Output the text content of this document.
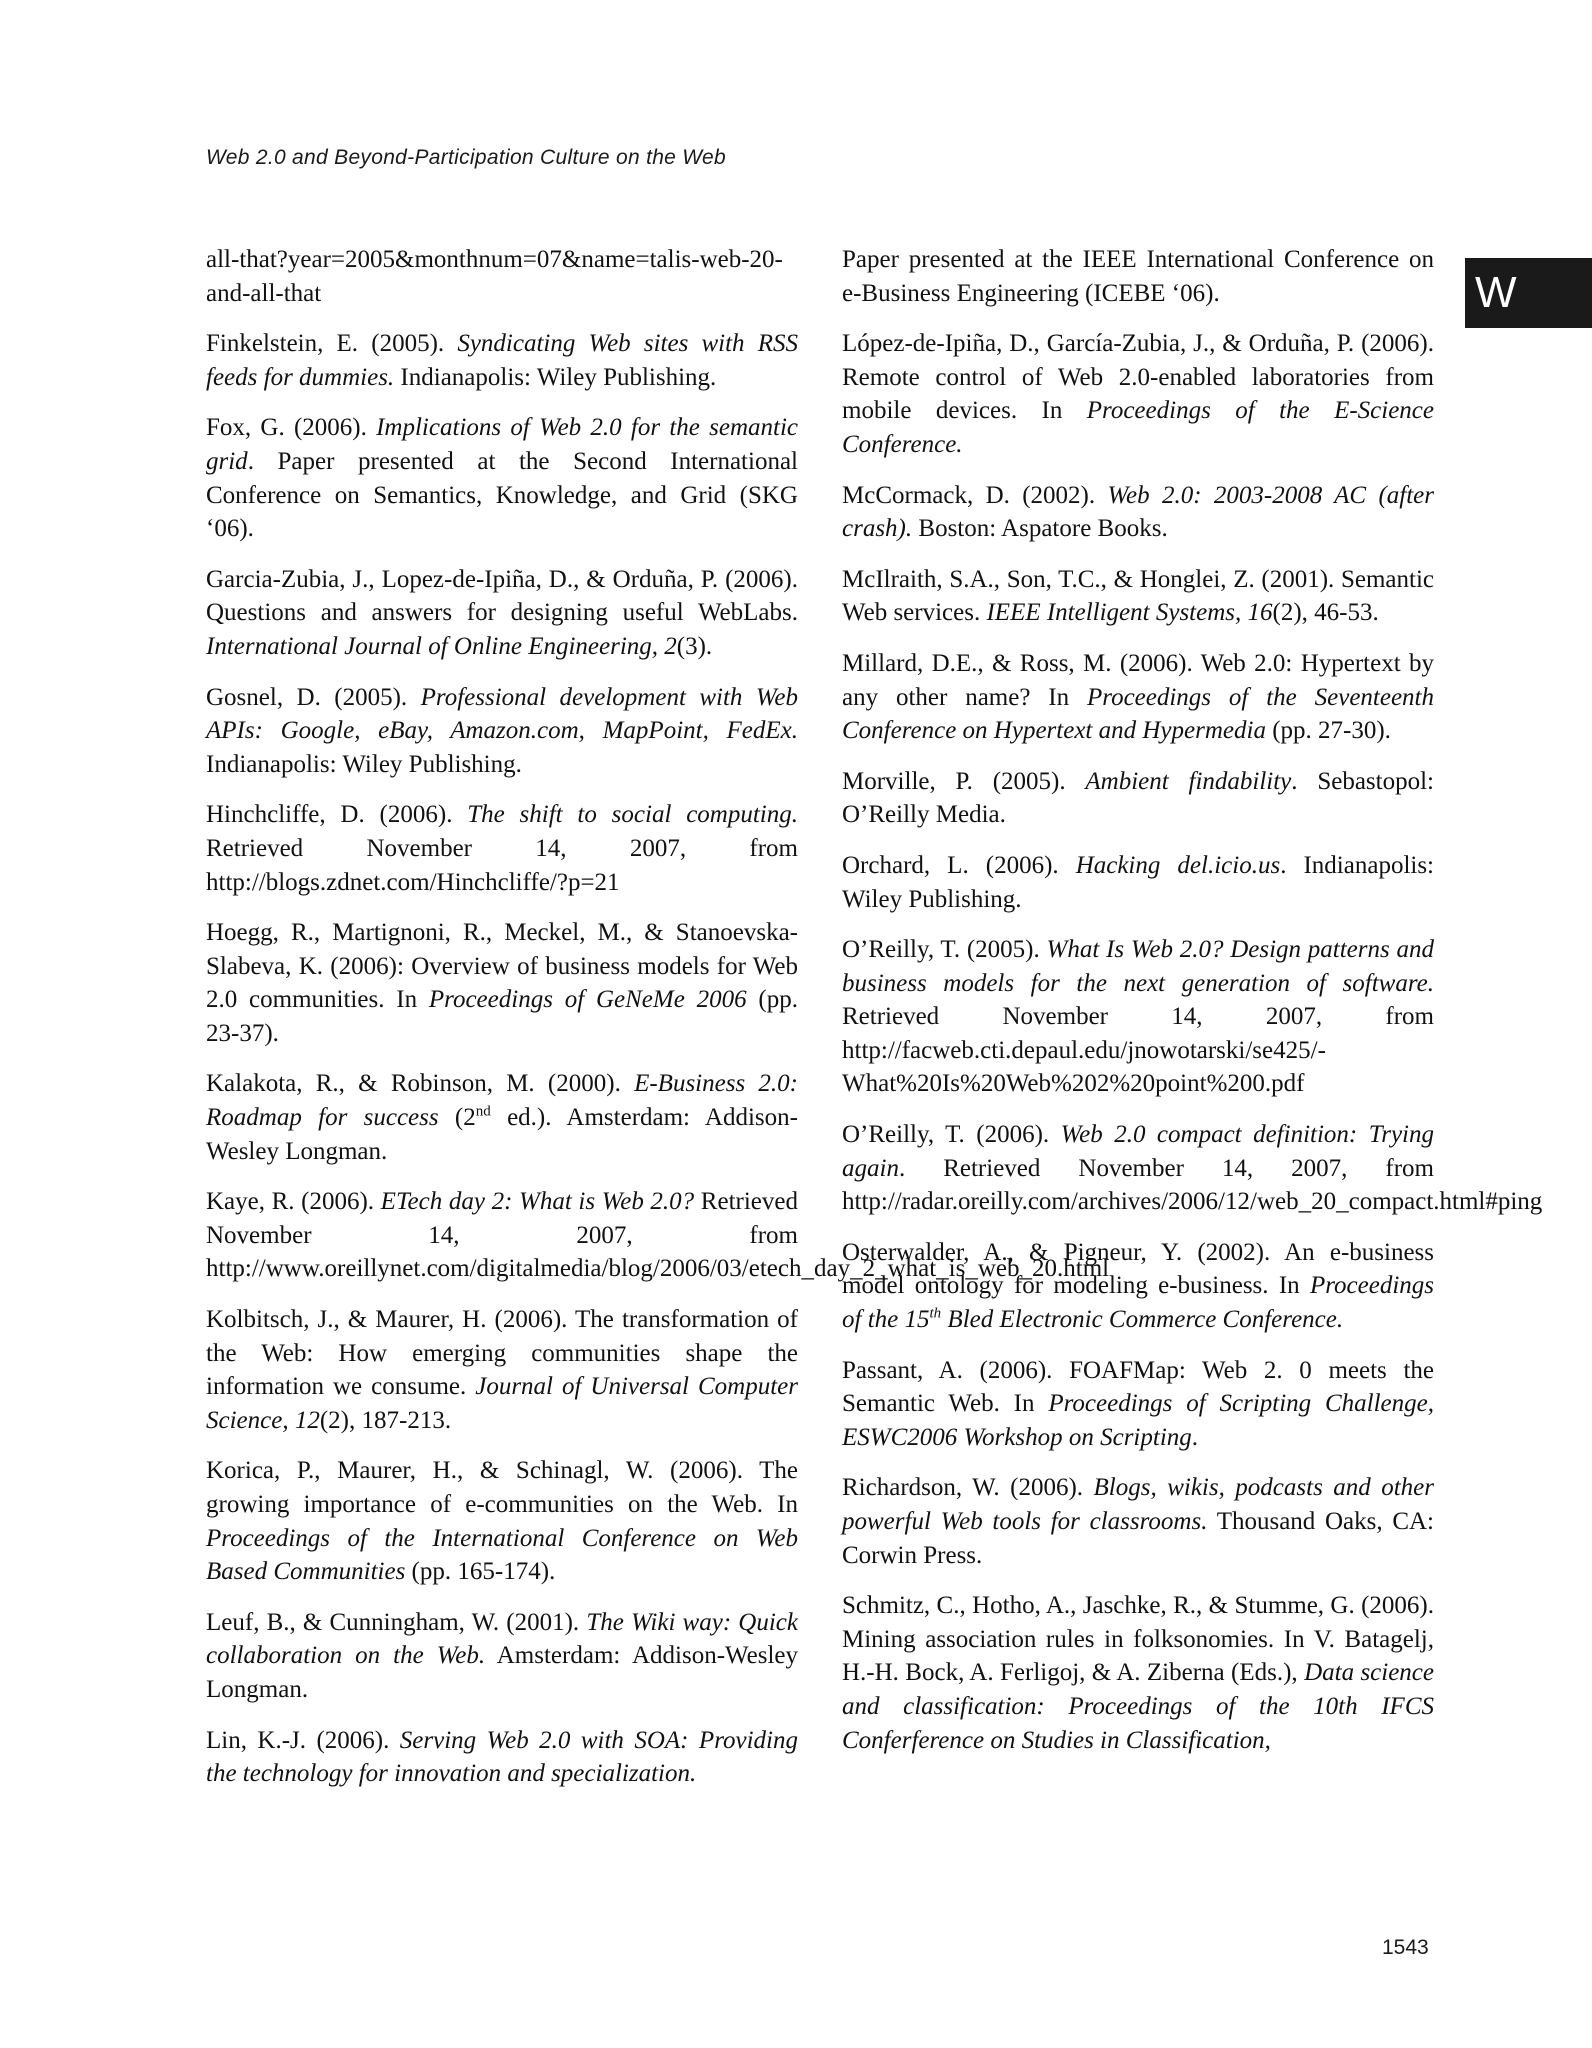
Web 2.0 and Beyond-Participation Culture on the Web
W

all-that?year=2005&monthnum=07&name=talis-web-20-and-all-that

Finkelstein, E. (2005). Syndicating Web sites with RSS feeds for dummies. Indianapolis: Wiley Publishing.

Fox, G. (2006). Implications of Web 2.0 for the semantic grid. Paper presented at the Second International Conference on Semantics, Knowledge, and Grid (SKG ‘06).

Garcia-Zubia, J., Lopez-de-Ipiña, D., & Orduña, P. (2006). Questions and answers for designing useful WebLabs. International Journal of Online Engineering, 2(3).

Gosnel, D. (2005). Professional development with Web APIs: Google, eBay, Amazon.com, MapPoint, FedEx. Indianapolis: Wiley Publishing.

Hinchcliffe, D. (2006). The shift to social computing. Retrieved November 14, 2007, from http://blogs.zdnet.com/Hinchcliffe/?p=21

Hoegg, R., Martignoni, R., Meckel, M., & Stanoevska-Slabeva, K. (2006): Overview of business models for Web 2.0 communities. In Proceedings of GeNeMe 2006 (pp. 23-37).

Kalakota, R., & Robinson, M. (2000). E-Business 2.0: Roadmap for success (2nd ed.). Amsterdam: Addison-Wesley Longman.

Kaye, R. (2006). ETech day 2: What is Web 2.0? Retrieved November 14, 2007, from http://www.oreillynet.com/digitalmedia/blog/2006/03/etech_day_2_what_is_web_20.html

Kolbitsch, J., & Maurer, H. (2006). The transformation of the Web: How emerging communities shape the information we consume. Journal of Universal Computer Science, 12(2), 187-213.

Korica, P., Maurer, H., & Schinagl, W. (2006). The growing importance of e-communities on the Web. In Proceedings of the International Conference on Web Based Communities (pp. 165-174).

Leuf, B., & Cunningham, W. (2001). The Wiki way: Quick collaboration on the Web. Amsterdam: Addison-Wesley Longman.

Lin, K.-J. (2006). Serving Web 2.0 with SOA: Providing the technology for innovation and specialization.

Paper presented at the IEEE International Conference on e-Business Engineering (ICEBE ‘06).

López-de-Ipiña, D., García-Zubia, J., & Orduña, P. (2006). Remote control of Web 2.0-enabled laboratories from mobile devices. In Proceedings of the E-Science Conference.

McCormack, D. (2002). Web 2.0: 2003-2008 AC (after crash). Boston: Aspatore Books.

McIlraith, S.A., Son, T.C., & Honglei, Z. (2001). Semantic Web services. IEEE Intelligent Systems, 16(2), 46-53.

Millard, D.E., & Ross, M. (2006). Web 2.0: Hypertext by any other name? In Proceedings of the Seventeenth Conference on Hypertext and Hypermedia (pp. 27-30).

Morville, P. (2005). Ambient findability. Sebastopol: O’Reilly Media.

Orchard, L. (2006). Hacking del.icio.us. Indianapolis: Wiley Publishing.

O’Reilly, T. (2005). What Is Web 2.0? Design patterns and business models for the next generation of software. Retrieved November 14, 2007, from http://facweb.cti.depaul.edu/jnowotarski/se425/-What%20Is%20Web%202%20point%200.pdf

O’Reilly, T. (2006). Web 2.0 compact definition: Trying again. Retrieved November 14, 2007, from http://radar.oreilly.com/archives/2006/12/web_20_compact.html#ping

Osterwalder, A., & Pigneur, Y. (2002). An e-business model ontology for modeling e-business. In Proceedings of the 15th Bled Electronic Commerce Conference.

Passant, A. (2006). FOAFMap: Web 2. 0 meets the Semantic Web. In Proceedings of Scripting Challenge, ESWC2006 Workshop on Scripting.

Richardson, W. (2006). Blogs, wikis, podcasts and other powerful Web tools for classrooms. Thousand Oaks, CA: Corwin Press.

Schmitz, C., Hotho, A., Jaschke, R., & Stumme, G. (2006). Mining association rules in folksonomies. In V. Batagelj, H.-H. Bock, A. Ferligoj, & A. Ziberna (Eds.), Data science and classification: Proceedings of the 10th IFCS Conferference on Studies in Classification,

1543
